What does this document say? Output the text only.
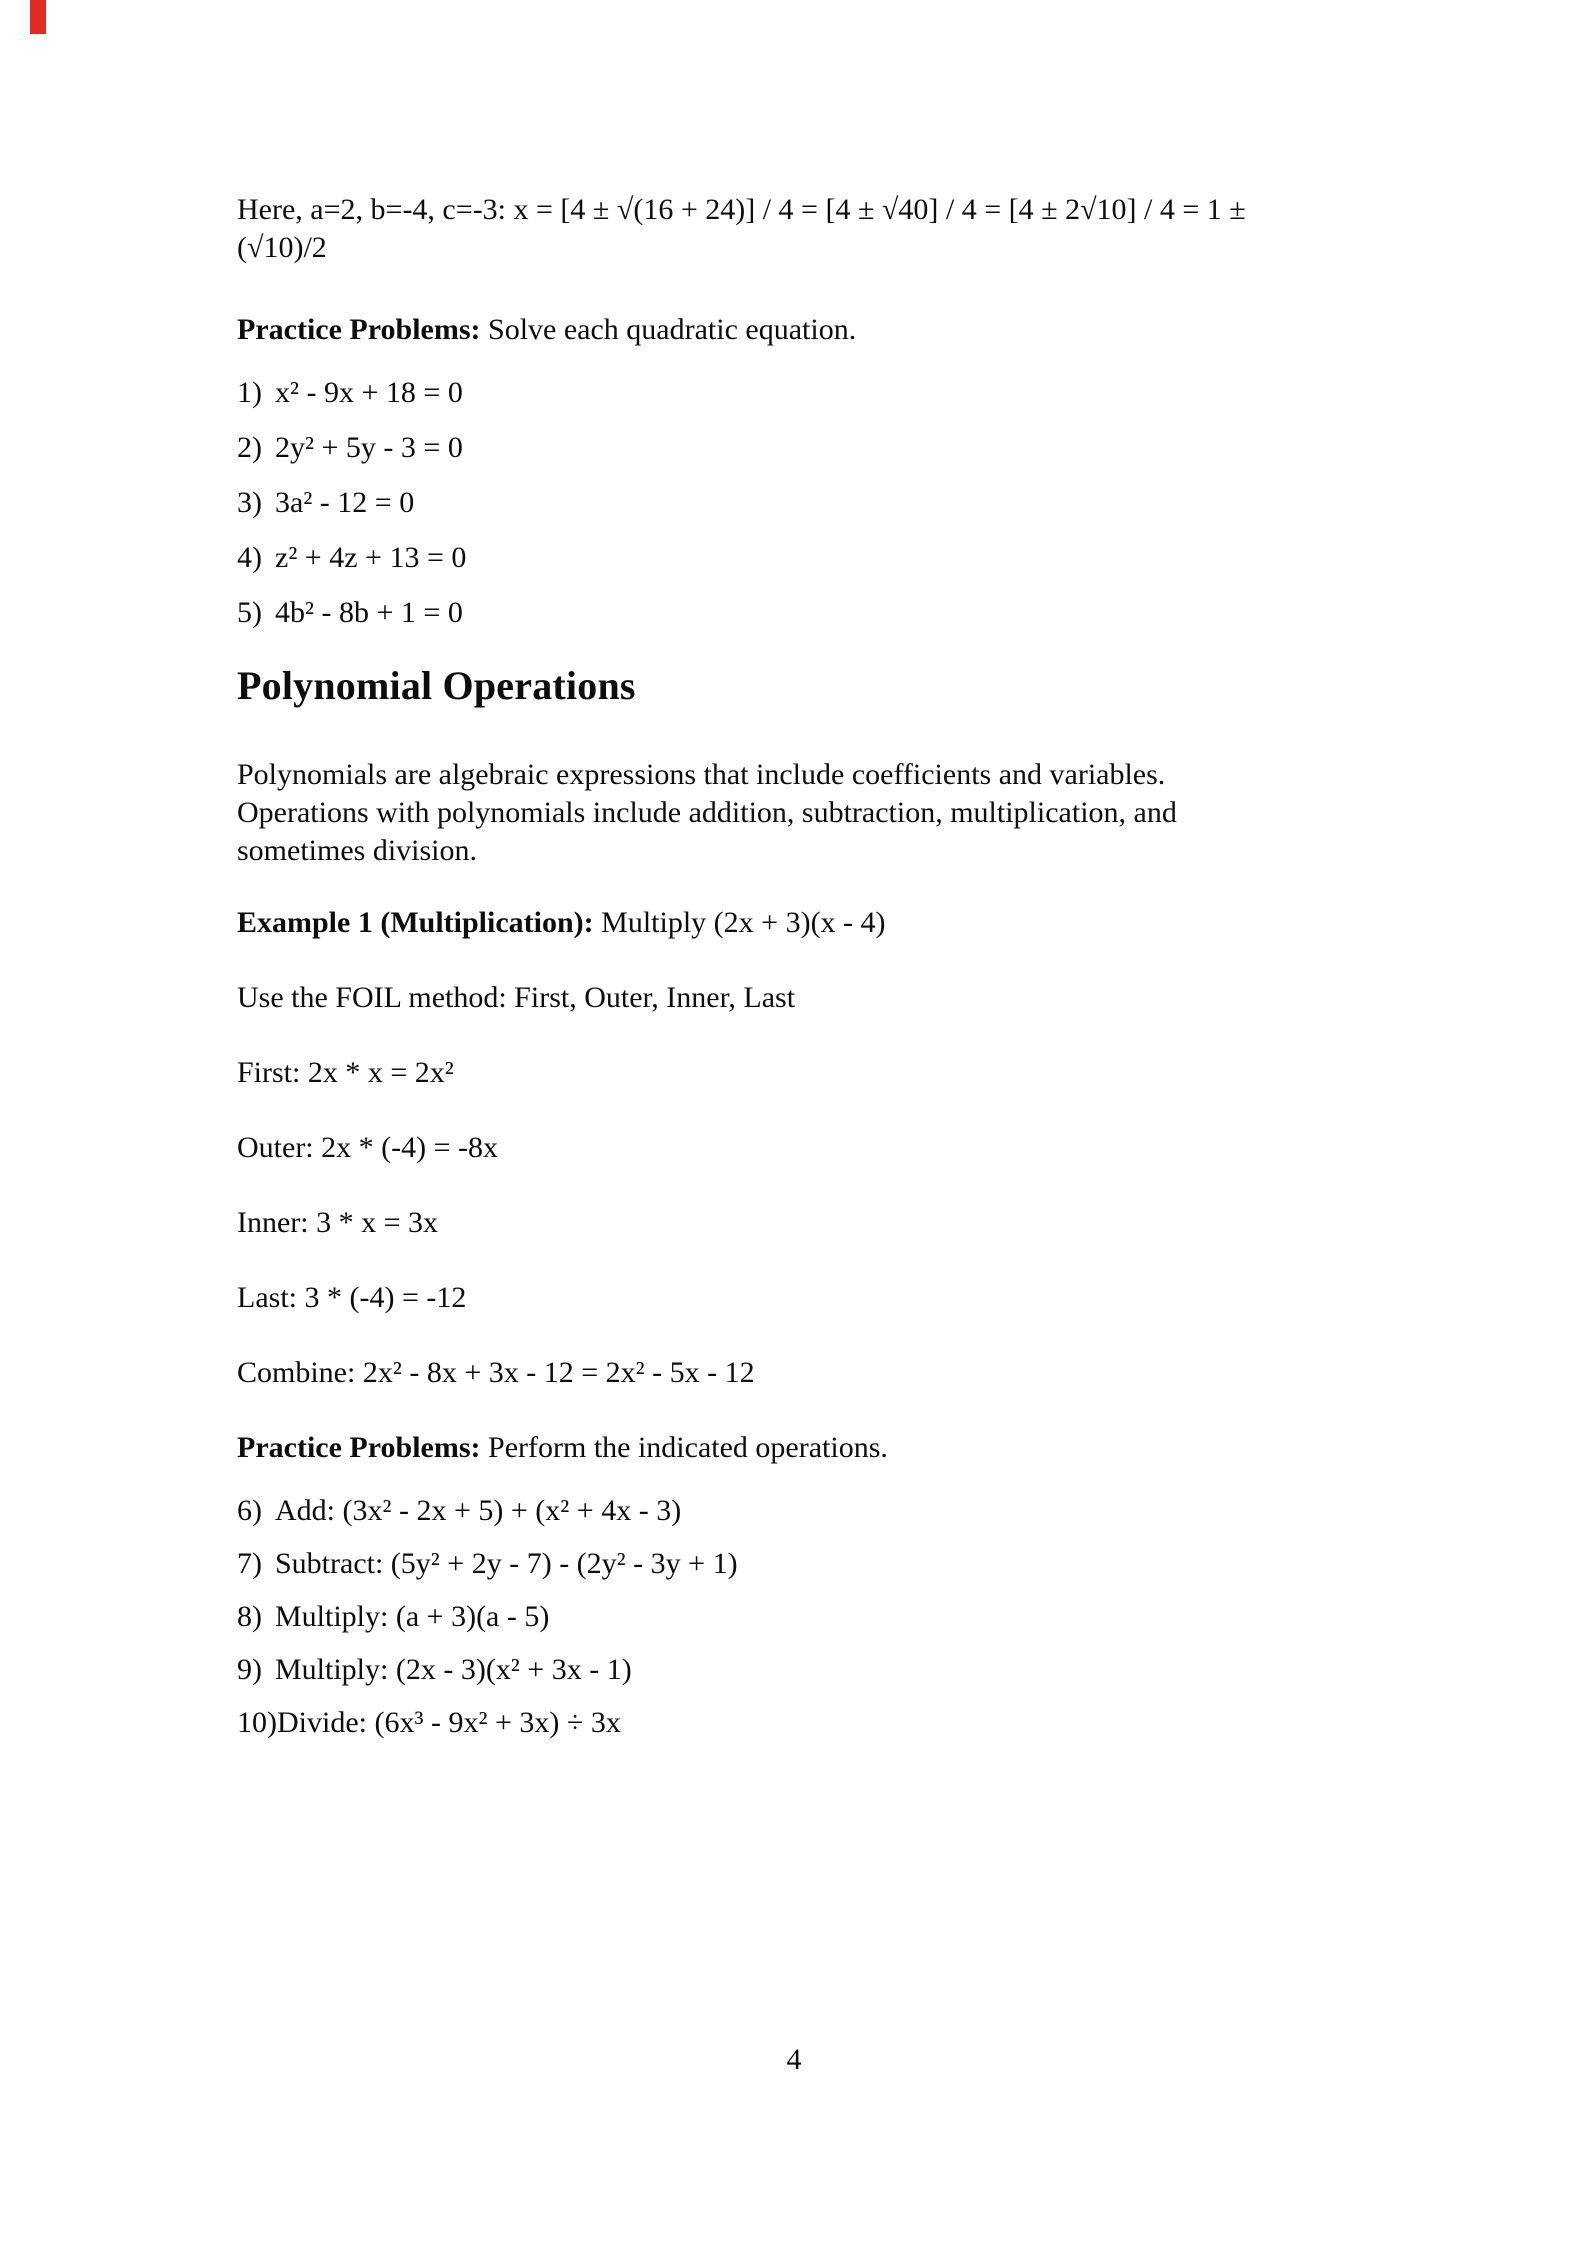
Here, a=2, b=-4, c=-3: x = [4 ± √(16 + 24)] / 4 = [4 ± √40] / 4 = [4 ± 2√10] / 4 = 1 ±
(√10)/2

Practice Problems: Solve each quadratic equation.

1) x² - 9x + 18 = 0
2) 2y² + 5y - 3 = 0
3) 3a² - 12 = 0
4) z² + 4z + 13 = 0
5) 4b² - 8b + 1 = 0
Polynomial Operations

Polynomials are algebraic expressions that include coefficients and variables.
Operations with polynomials include addition, subtraction, multiplication, and
sometimes division.

Example 1 (Multiplication): Multiply (2x + 3)(x - 4)

Use the FOIL method: First, Outer, Inner, Last

First: 2x * x = 2x²

Outer: 2x * (-4) = -8x

Inner: 3 * x = 3x

Last: 3 * (-4) = -12

Combine: 2x² - 8x + 3x - 12 = 2x² - 5x - 12

Practice Problems: Perform the indicated operations.

6) Add: (3x² - 2x + 5) + (x² + 4x - 3)
7) Subtract: (5y² + 2y - 7) - (2y² - 3y + 1)
8) Multiply: (a + 3)(a - 5)
9) Multiply: (2x - 3)(x² + 3x - 1)
10)Divide: (6x³ - 9x² + 3x) ÷ 3x
4
